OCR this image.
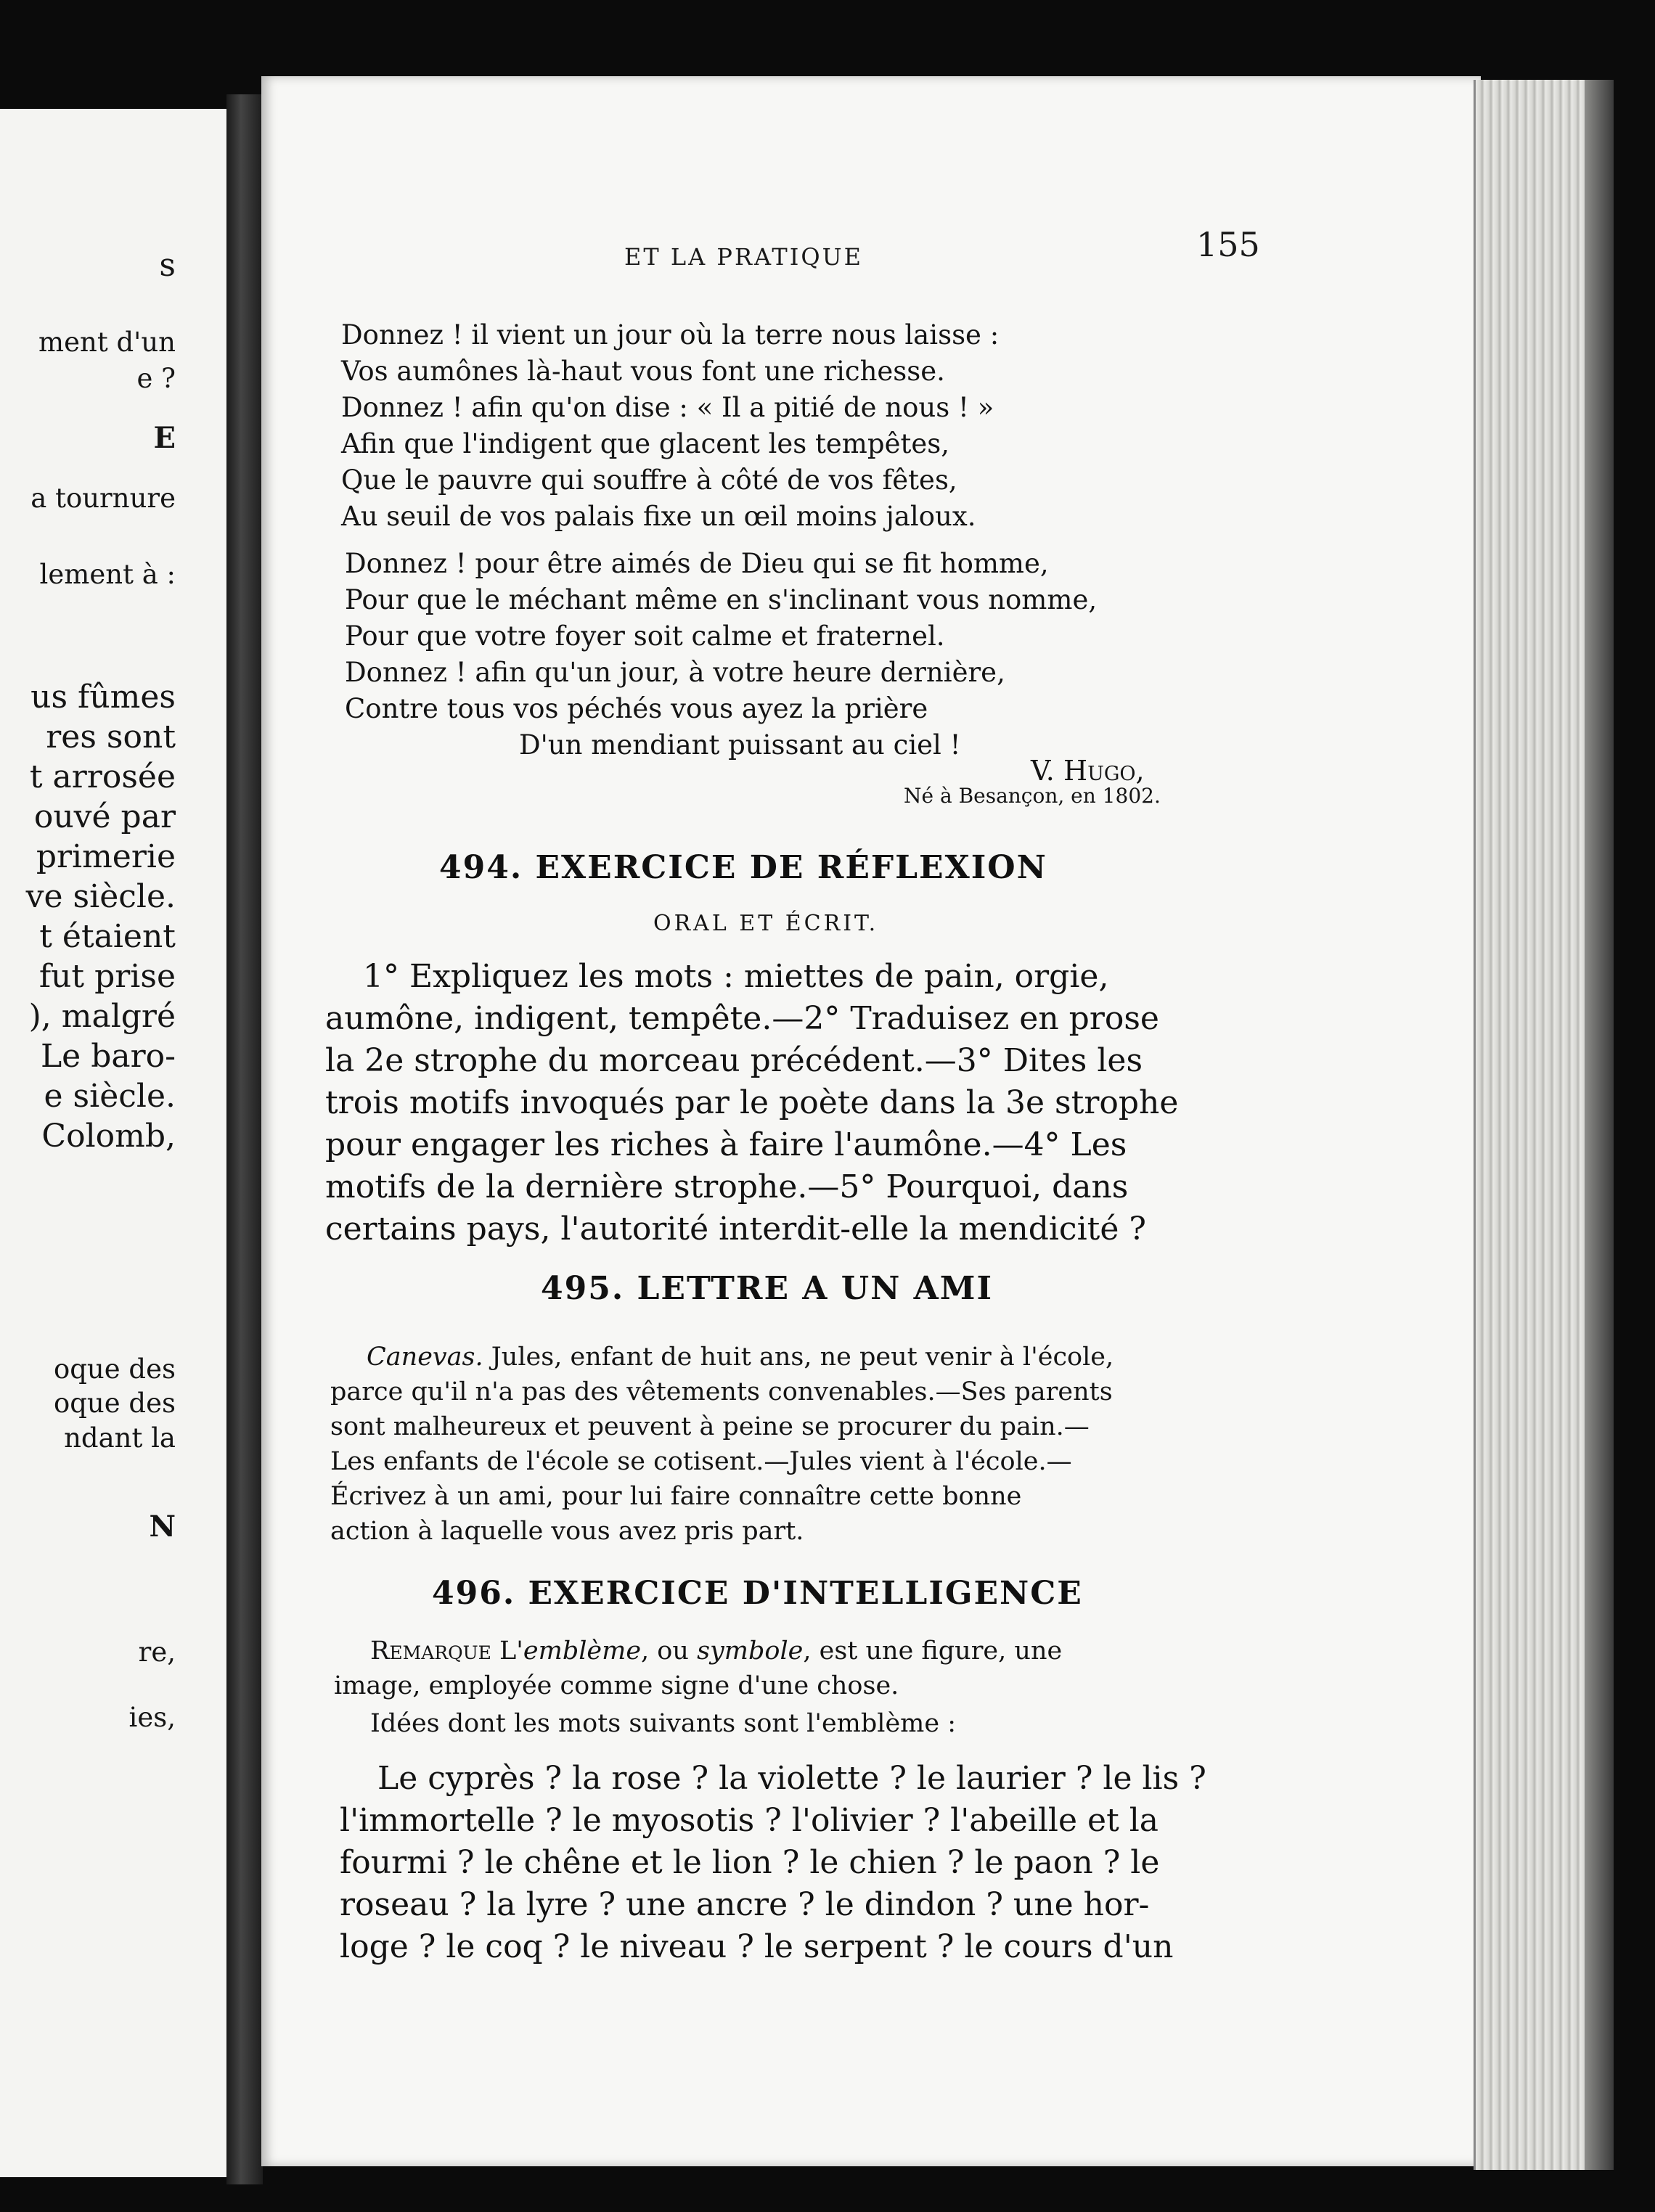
s
ment d'un
e ?
E
a tournure
lement à :
us fûmes
res sont
t arrosée
ouvé par
primerie
ve siècle.
t étaient
fut prise
), malgré
Le baro-
e siècle.
Colomb,
oque des
oque des
ndant la
N
re,
ies,
ET LA PRATIQUE	155
Donnez ! il vient un jour où la terre nous laisse :
Vos aumônes là-haut vous font une richesse.
Donnez ! afin qu'on dise : « Il a pitié de nous ! »
Afin que l'indigent que glacent les tempêtes,
Que le pauvre qui souffre à côté de vos fêtes,
Au seuil de vos palais fixe un œil moins jaloux.
Donnez ! pour être aimés de Dieu qui se fit homme,
Pour que le méchant même en s'inclinant vous nomme,
Pour que votre foyer soit calme et fraternel.
Donnez ! afin qu'un jour, à votre heure dernière,
Contre tous vos péchés vous ayez la prière
D'un mendiant puissant au ciel !
V. Hugo,
Né à Besançon, en 1802.
494. EXERCICE DE RÉFLEXION
ORAL ET ÉCRIT.
1° Expliquez les mots : miettes de pain, orgie,
aumône, indigent, tempête.—2° Traduisez en prose
la 2e strophe du morceau précédent.—3° Dites les
trois motifs invoqués par le poète dans la 3e strophe
pour engager les riches à faire l'aumône.—4° Les
motifs de la dernière strophe.—5° Pourquoi, dans
certains pays, l'autorité interdit-elle la mendicité ?
495. LETTRE A UN AMI
Canevas. Jules, enfant de huit ans, ne peut venir à l'école,
parce qu'il n'a pas des vêtements convenables.—Ses parents
sont malheureux et peuvent à peine se procurer du pain.—
Les enfants de l'école se cotisent.—Jules vient à l'école.—
Écrivez à un ami, pour lui faire connaître cette bonne
action à laquelle vous avez pris part.
496. EXERCICE D'INTELLIGENCE
Remarque L'emblème, ou symbole, est une figure, une
image, employée comme signe d'une chose.
Idées dont les mots suivants sont l'emblème :
Le cyprès ? la rose ? la violette ? le laurier ? le lis ?
l'immortelle ? le myosotis ? l'olivier ? l'abeille et la
fourmi ? le chêne et le lion ? le chien ? le paon ? le
roseau ? la lyre ? une ancre ? le dindon ? une hor-
loge ? le coq ? le niveau ? le serpent ? le cours d'un
